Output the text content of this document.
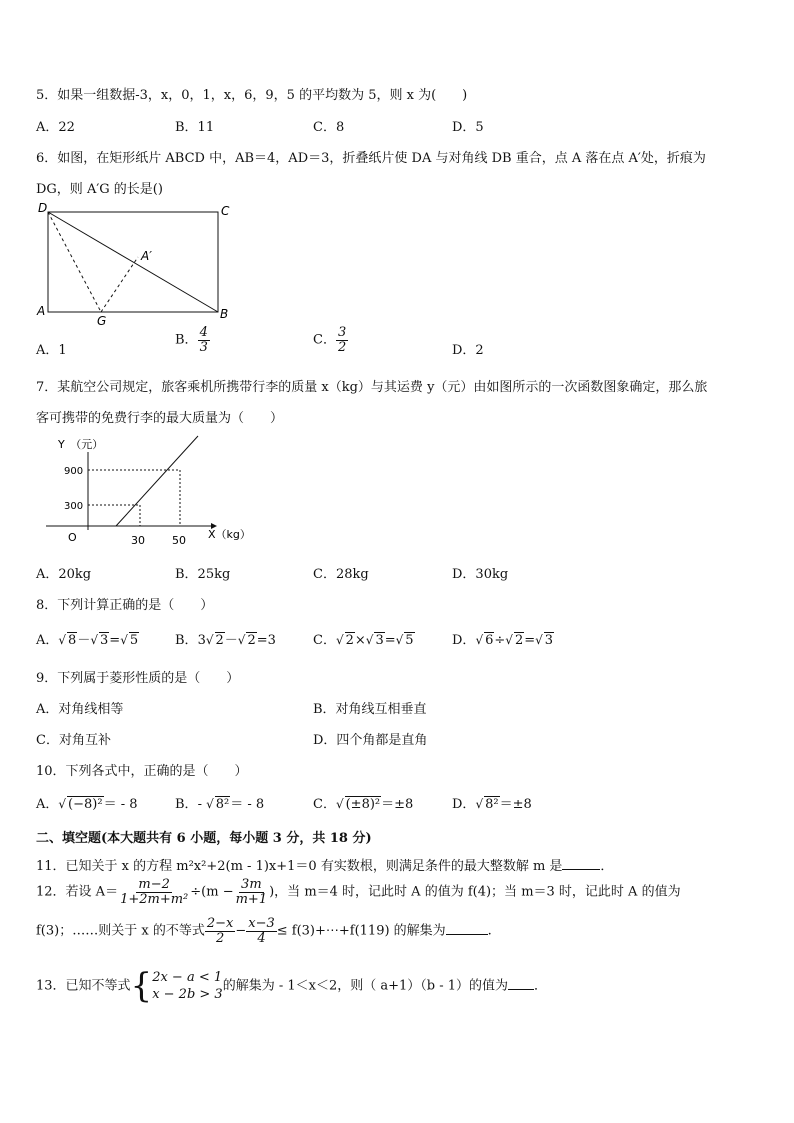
5．如果一组数据-3，x，0，1，x，6，9，5 的平均数为 5，则 x 为(　　)
A．22	B．11	C．8	D．5
6．如图，在矩形纸片 ABCD 中，AB＝4，AD＝3，折叠纸片使 DA 与对角线 DB 重合，点 A 落在点 A′处，折痕为
DG，则 A′G 的长是()
D	C
A	B
G
A′
A．1
B． $\frac{4}{3}$	C． $\frac{3}{2}$	D．2
7．某航空公司规定，旅客乘机所携带行李的质量 x（kg）与其运费 y（元）由如图所示的一次函数图象确定，那么旅
客可携带的免费行李的最大质量为（　　）
Y　（元）
900
300
O	30 50 X（kg）
A．20kg	B．25kg	C．28kg	D．30kg
8．下列计算正确的是（　　）
A．√ 8－√ 3=√ 5	B．3√ 2－√ 2=3	C．√ 2×√ 3=√ 5	D．√ 6÷√ 2=√ 3
9．下列属于菱形性质的是（　　）
A．对角线相等	B．对角线互相垂直
C．对角互补	D．四个角都是直角
10．下列各式中，正确的是（　　）
A．√ (−8)²＝ - 8	B．- √ 8²＝ - 8	C．√ (±8)²＝±8	D．√ 8²＝±8
二、填空题(本大题共有 6 小题，每小题 3 分，共 18 分)
11．已知关于 x 的方程 m²x²+2(m - 1)x+1＝0 有实数根，则满足条件的最大整数解 m 是	．
12．若设 $A= \frac{m-2}{\text{1+2m+m²}} \div(m - \frac{3m}{m+1}$ )，当 m＝4 时，记此时 A 的值为 f(4)；当 m＝3 时，记此时 A 的值为
f(3)；……则关于 x 的不等式 $\frac{2-x}{2} - \frac{x-3}{4}$ ≤ f(3)+⋯+f(119) 的解集为	.
13．已知不等式{ 2x − a < 1
x − 2b > 3
的解集为 - 1＜x＜2，则（ a+1）（b - 1）的值为 ．
